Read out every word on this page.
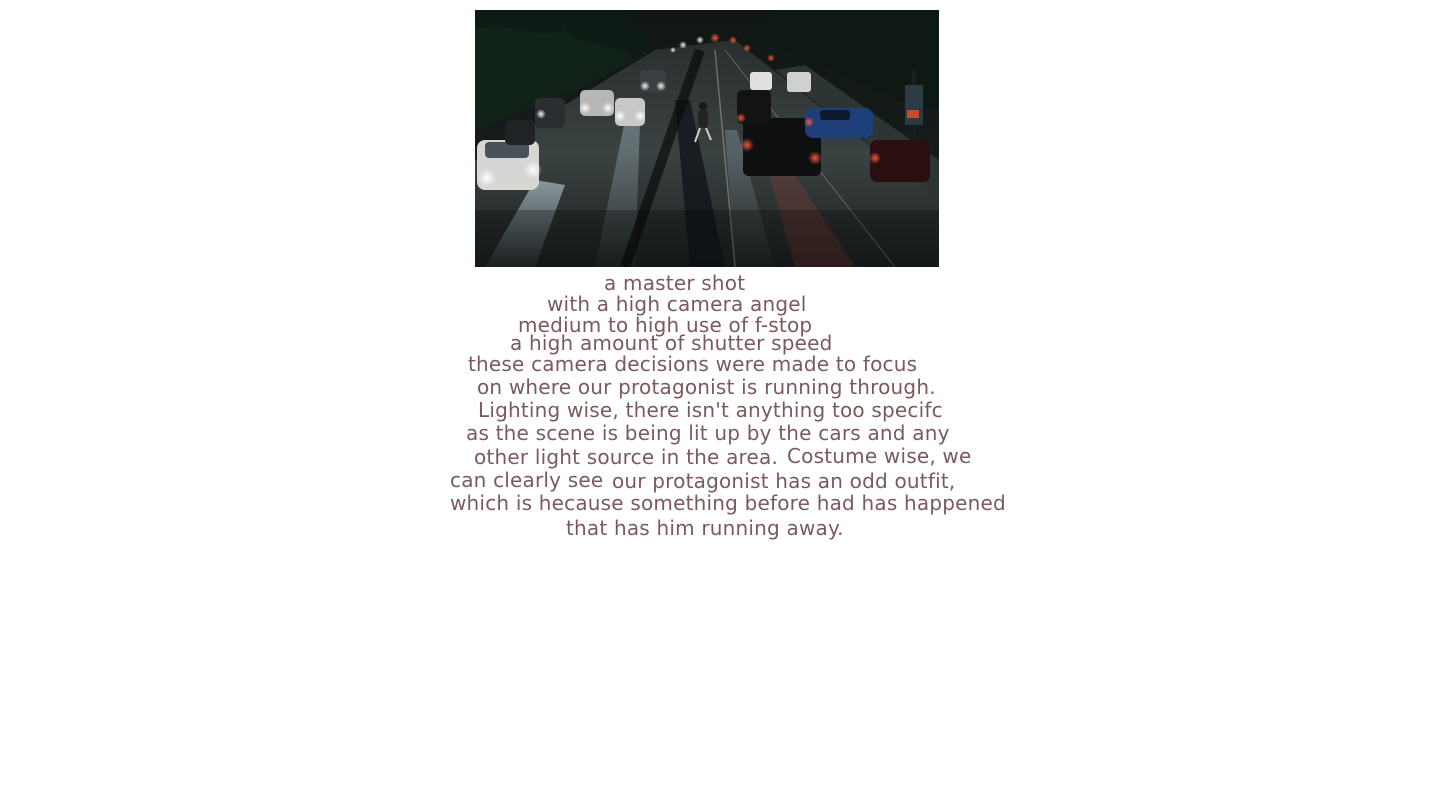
a master shot
with a high camera angel
medium to high use of f-stop
a high amount of shutter speed
these camera decisions were made to focus
on where our protagonist is running through.
Lighting wise, there isn't anything too specifc
as the scene is being lit up by the cars and any
other light source in the area. Costume wise, we
can clearly see our protagonist has an odd outfit,
which is hecause something before had has happened
that has him running away.
